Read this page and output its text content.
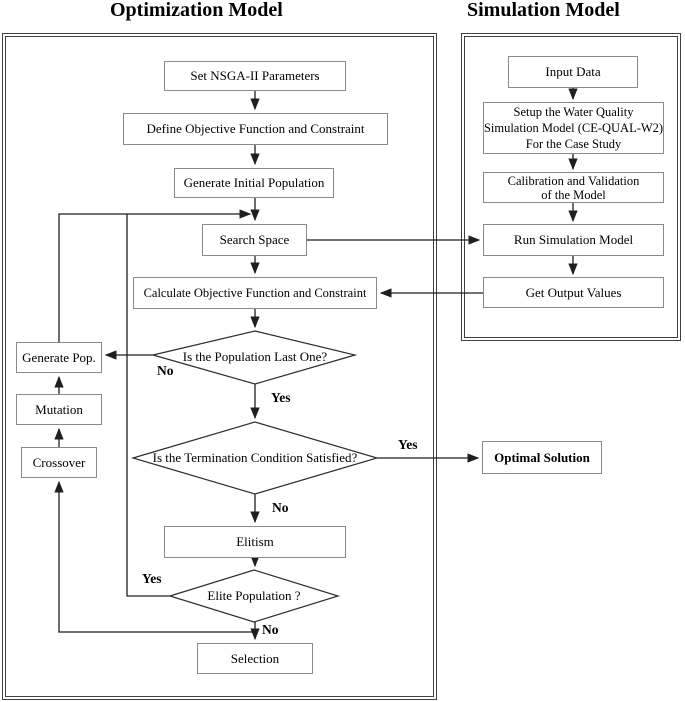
Optimization Model	Simulation Model
Set NSGA-II Parameters
Define Objective Function and Constraint
Generate Initial Population
Search Space
Calculate Objective Function and Constraint
Generate Pop.
Mutation
Crossover
Elitism
Selection
Optimal Solution
Is the Population Last One?
Is the Termination Condition Satisfied?
Elite Population ?
No
Yes
Yes
No
Yes
No
Input Data
Setup the Water Quality
Simulation Model (CE-QUAL-W2)
For the Case Study
Calibration and Validation
of the Model
Run Simulation Model
Get Output Values
